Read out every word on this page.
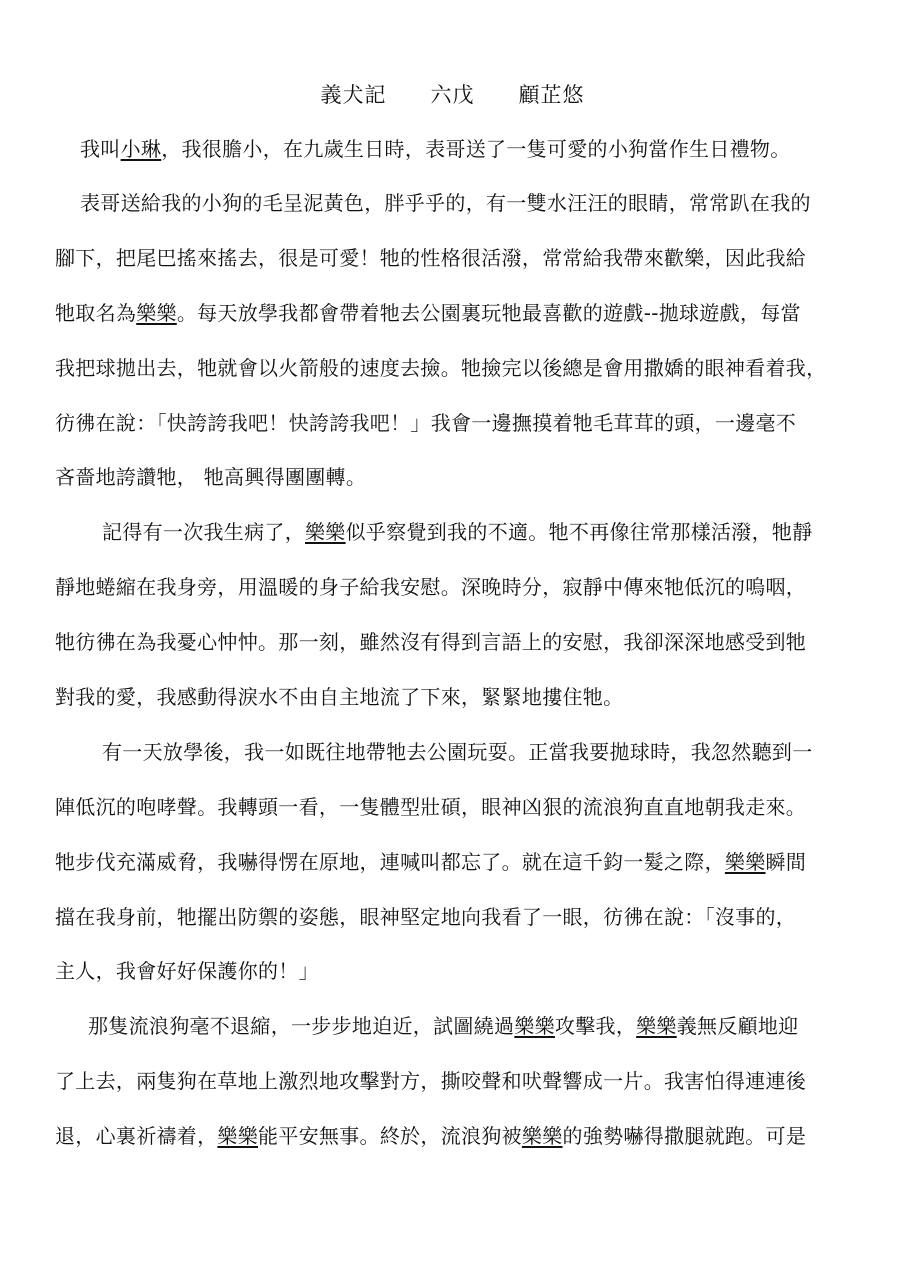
義犬記　　六戊　　顧芷悠
我叫小琳，我很膽小，在九歲生日時，表哥送了一隻可愛的小狗當作生日禮物。
表哥送給我的小狗的毛呈泥黃色，胖乎乎的，有一雙水汪汪的眼睛，常常趴在我的
腳下，把尾巴搖來搖去，很是可愛！牠的性格很活潑，常常給我帶來歡樂，因此我給
牠取名為樂樂。每天放學我都會帶着牠去公園裏玩牠最喜歡的遊戲--拋球遊戲，每當
我把球拋出去，牠就會以火箭般的速度去撿。牠撿完以後總是會用撒嬌的眼神看着我，
彷彿在說：「快誇誇我吧！快誇誇我吧！」我會一邊撫摸着牠毛茸茸的頭，一邊毫不
吝嗇地誇讚牠， 牠高興得團團轉。
記得有一次我生病了，樂樂似乎察覺到我的不適。牠不再像往常那樣活潑，牠靜
靜地蜷縮在我身旁，用溫暖的身子給我安慰。深晚時分，寂靜中傳來牠低沉的嗚咽，
牠彷彿在為我憂心忡忡。那一刻，雖然沒有得到言語上的安慰，我卻深深地感受到牠
對我的愛，我感動得淚水不由自主地流了下來，緊緊地摟住牠。
有一天放學後，我一如既往地帶牠去公園玩耍。正當我要拋球時，我忽然聽到一
陣低沉的咆哮聲。我轉頭一看，一隻體型壯碩，眼神凶狠的流浪狗直直地朝我走來。
牠步伐充滿威脅，我嚇得愣在原地，連喊叫都忘了。就在這千鈞一髮之際，樂樂瞬間
擋在我身前，牠擺出防禦的姿態，眼神堅定地向我看了一眼，彷彿在說：「沒事的，
主人，我會好好保護你的！」
那隻流浪狗毫不退縮，一步步地迫近，試圖繞過樂樂攻擊我，樂樂義無反顧地迎
了上去，兩隻狗在草地上激烈地攻擊對方，撕咬聲和吠聲響成一片。我害怕得連連後
退，心裏祈禱着，樂樂能平安無事。終於，流浪狗被樂樂的強勢嚇得撒腿就跑。可是
